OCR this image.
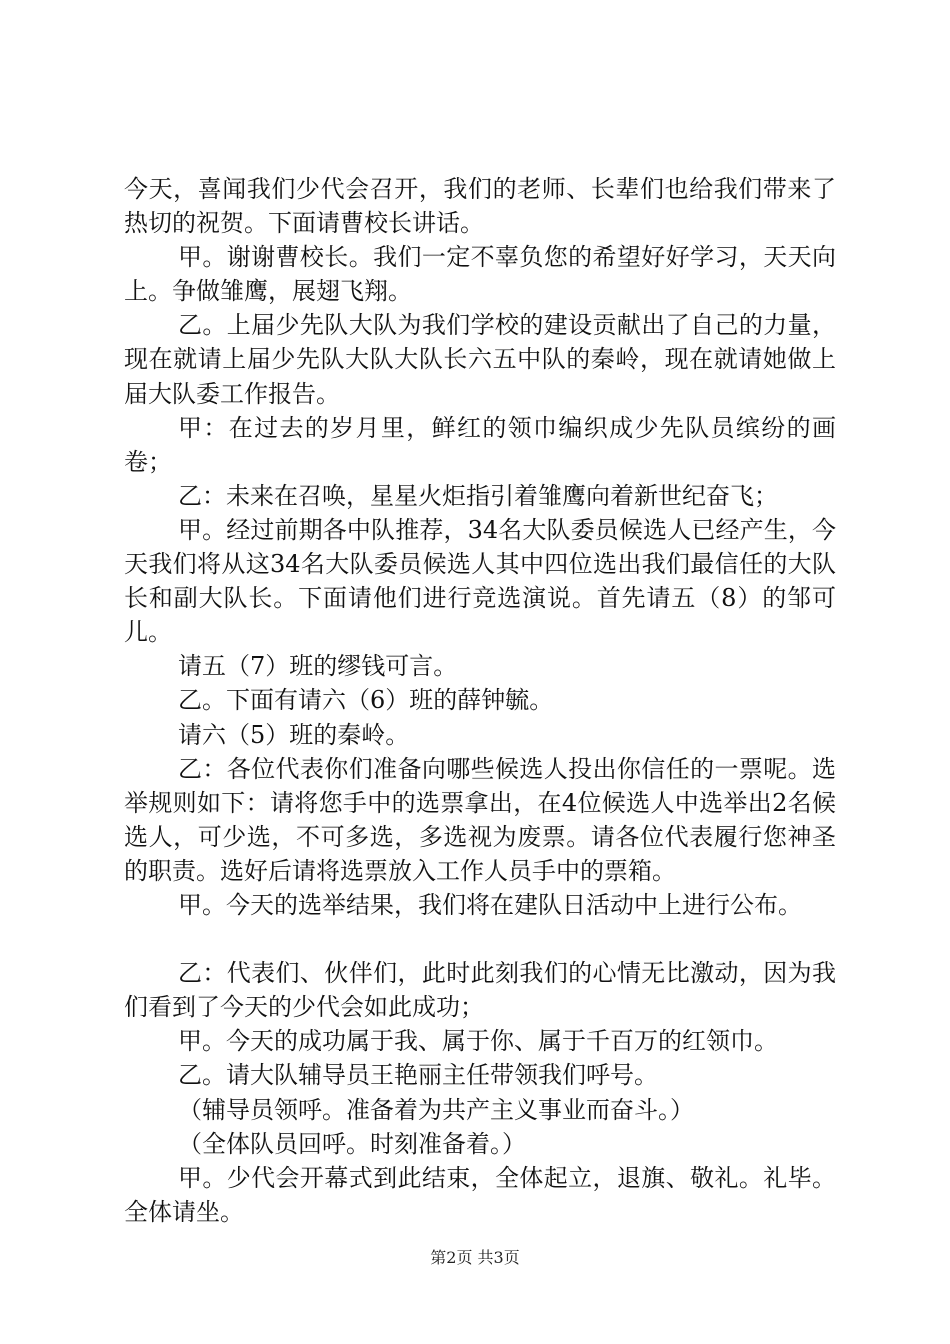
今天，喜闻我们少代会召开，我们的老师、长辈们也给我们带来了热切的祝贺。下面请曹校长讲话。

甲。谢谢曹校长。我们一定不辜负您的希望好好学习，天天向上。争做雏鹰，展翅飞翔。

乙。上届少先队大队为我们学校的建设贡献出了自己的力量，现在就请上届少先队大队大队长六五中队的秦岭，现在就请她做上届大队委工作报告。

甲：在过去的岁月里，鲜红的领巾编织成少先队员缤纷的画卷；

乙：未来在召唤，星星火炬指引着雏鹰向着新世纪奋飞；

甲。经过前期各中队推荐，34名大队委员候选人已经产生，今天我们将从这34名大队委员候选人其中四位选出我们最信任的大队长和副大队长。下面请他们进行竞选演说。首先请五（8）的邹可儿。

请五（7）班的缪钱可言。

乙。下面有请六（6）班的薛钟毓。

请六（5）班的秦岭。

乙：各位代表你们准备向哪些候选人投出你信任的一票呢。选举规则如下：请将您手中的选票拿出，在4位候选人中选举出2名候选人，可少选，不可多选，多选视为废票。请各位代表履行您神圣的职责。选好后请将选票放入工作人员手中的票箱。

甲。今天的选举结果，我们将在建队日活动中上进行公布。

乙：代表们、伙伴们，此时此刻我们的心情无比激动，因为我们看到了今天的少代会如此成功；

甲。今天的成功属于我、属于你、属于千百万的红领巾。

乙。请大队辅导员王艳丽主任带领我们呼号。

（辅导员领呼。准备着为共产主义事业而奋斗。）

（全体队员回呼。时刻准备着。）

甲。少代会开幕式到此结束，全体起立，退旗、敬礼。礼毕。全体请坐。

第2页 共3页
